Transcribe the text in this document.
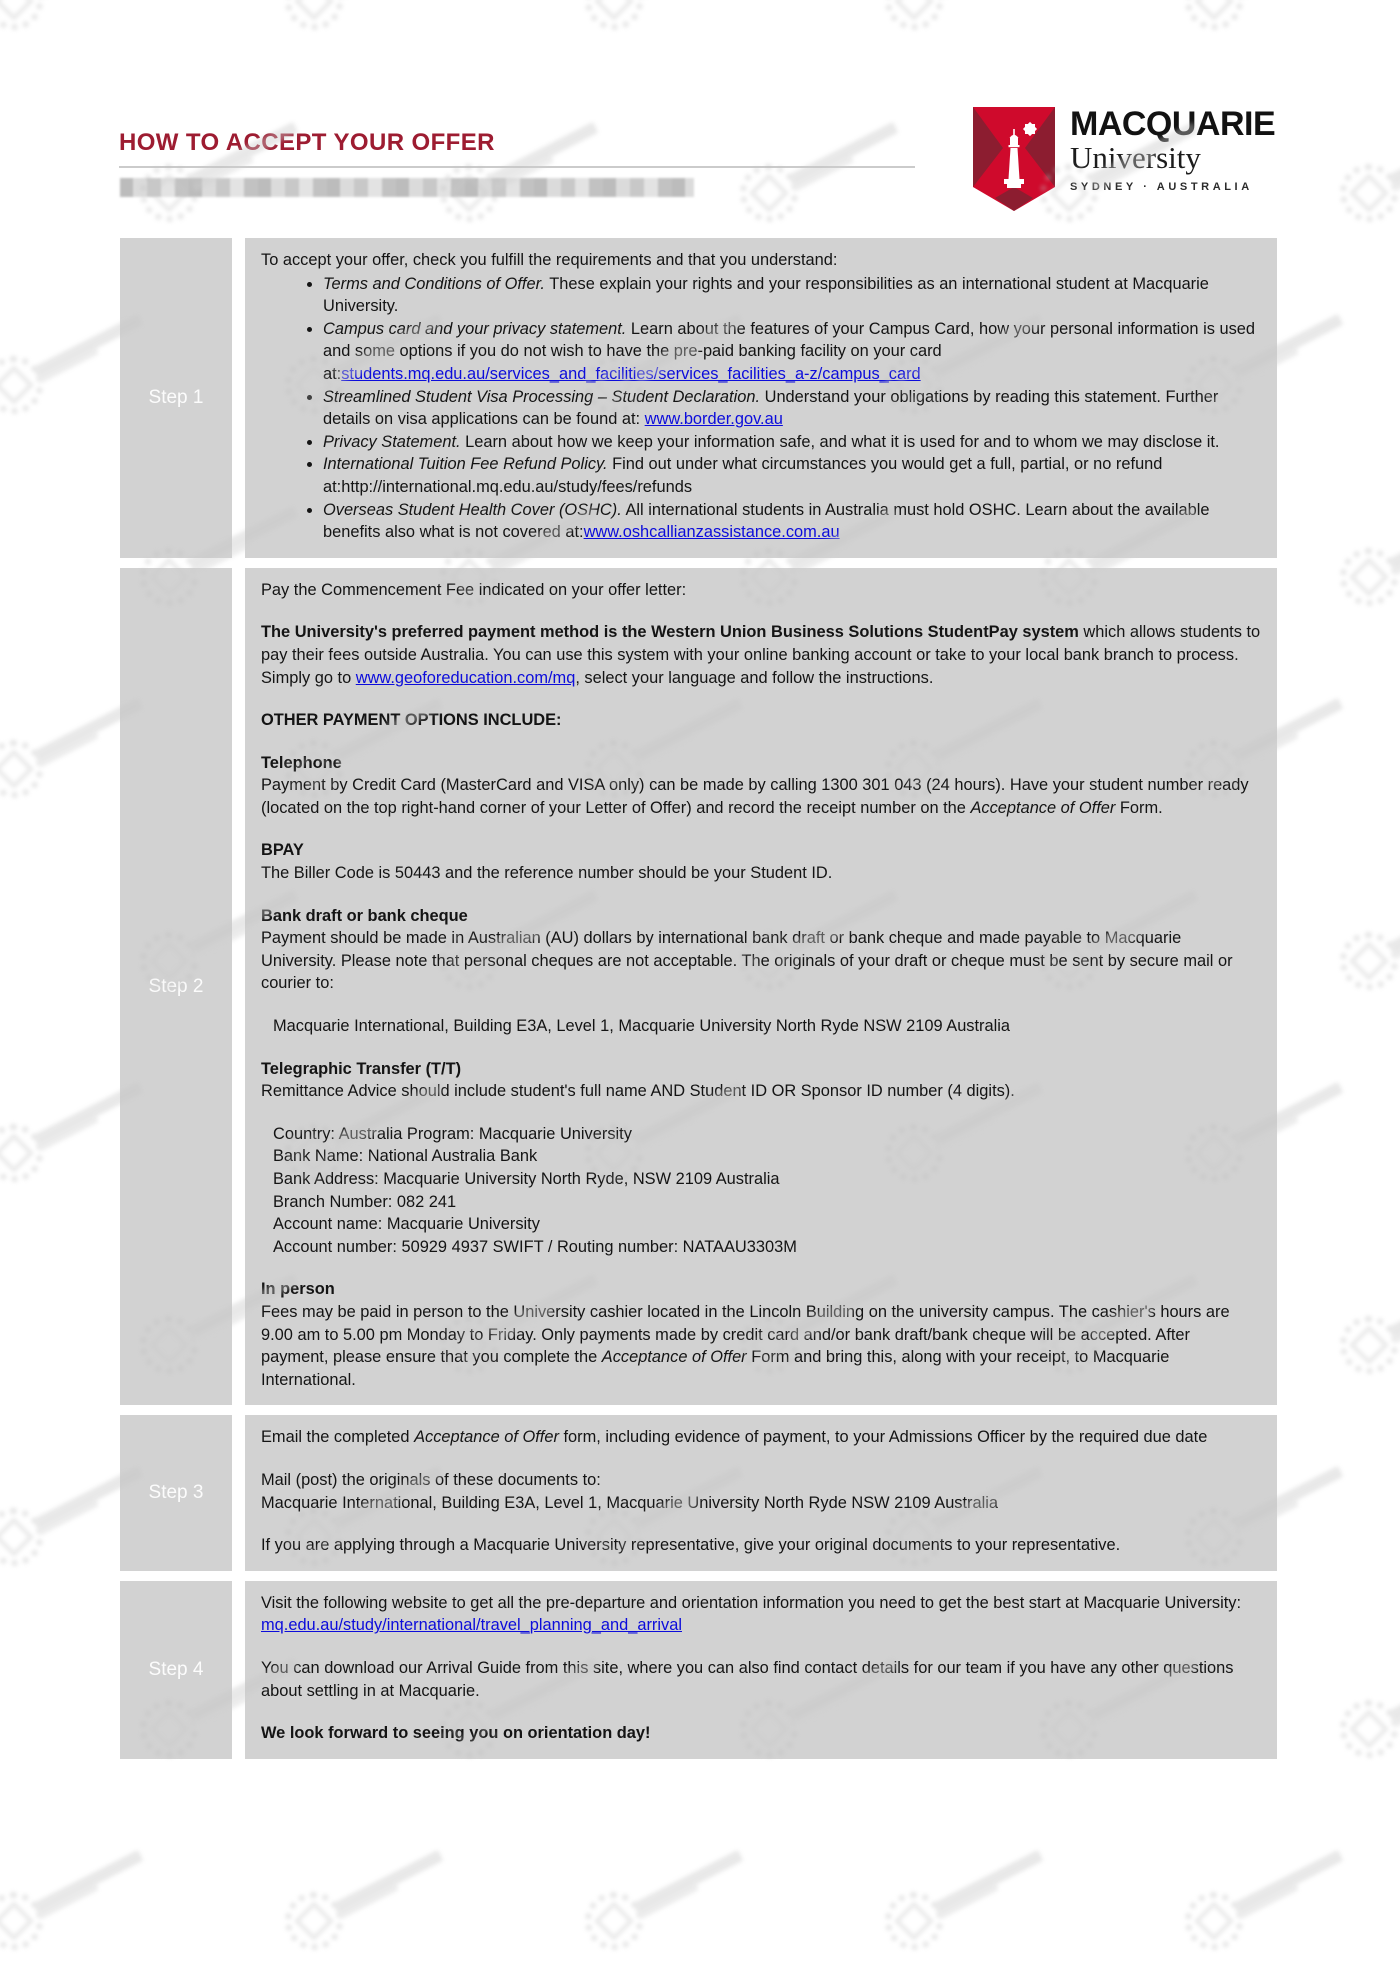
HOW TO ACCEPT YOUR OFFER	MACQUARIE
University
SYDNEY · AUSTRALIA
Step 1
To accept your offer, check you fulfill the requirements and that you understand:
• Terms and Conditions of Offer. These explain your rights and your responsibilities as an international student at Macquarie University.
• Campus card and your privacy statement. Learn about the features of your Campus Card, how your personal information is used and some options if you do not wish to have the pre-paid banking facility on your card at:students.mq.edu.au/services_and_facilities/services_facilities_a-z/campus_card
• Streamlined Student Visa Processing – Student Declaration. Understand your obligations by reading this statement. Further details on visa applications can be found at: www.border.gov.au
• Privacy Statement. Learn about how we keep your information safe, and what it is used for and to whom we may disclose it.
• International Tuition Fee Refund Policy. Find out under what circumstances you would get a full, partial, or no refund at:http://international.mq.edu.au/study/fees/refunds
• Overseas Student Health Cover (OSHC). All international students in Australia must hold OSHC. Learn about the available benefits also what is not covered at:www.oshcallianzassistance.com.au
Step 2
Pay the Commencement Fee indicated on your offer letter:
The University's preferred payment method is the Western Union Business Solutions StudentPay system which allows students to pay their fees outside Australia. You can use this system with your online banking account or take to your local bank branch to process. Simply go to www.geoforeducation.com/mq, select your language and follow the instructions.
OTHER PAYMENT OPTIONS INCLUDE:
Telephone
Payment by Credit Card (MasterCard and VISA only) can be made by calling 1300 301 043 (24 hours). Have your student number ready (located on the top right-hand corner of your Letter of Offer) and record the receipt number on the Acceptance of Offer Form.
BPAY
The Biller Code is 50443 and the reference number should be your Student ID.
Bank draft or bank cheque
Payment should be made in Australian (AU) dollars by international bank draft or bank cheque and made payable to Macquarie University. Please note that personal cheques are not acceptable. The originals of your draft or cheque must be sent by secure mail or courier to:
Macquarie International, Building E3A, Level 1, Macquarie University North Ryde NSW 2109 Australia
Telegraphic Transfer (T/T)
Remittance Advice should include student's full name AND Student ID OR Sponsor ID number (4 digits).
Country: Australia Program: Macquarie University
Bank Name: National Australia Bank
Bank Address: Macquarie University North Ryde, NSW 2109 Australia
Branch Number: 082 241
Account name: Macquarie University
Account number: 50929 4937 SWIFT / Routing number: NATAAU3303M
In person
Fees may be paid in person to the University cashier located in the Lincoln Building on the university campus. The cashier's hours are 9.00 am to 5.00 pm Monday to Friday. Only payments made by credit card and/or bank draft/bank cheque will be accepted. After payment, please ensure that you complete the Acceptance of Offer Form and bring this, along with your receipt, to Macquarie International.
Step 3
Email the completed Acceptance of Offer form, including evidence of payment, to your Admissions Officer by the required due date
Mail (post) the originals of these documents to:
Macquarie International, Building E3A, Level 1, Macquarie University North Ryde NSW 2109 Australia
If you are applying through a Macquarie University representative, give your original documents to your representative.
Step 4
Visit the following website to get all the pre-departure and orientation information you need to get the best start at Macquarie University: mq.edu.au/study/international/travel_planning_and_arrival
You can download our Arrival Guide from this site, where you can also find contact details for our team if you have any other questions about settling in at Macquarie.
We look forward to seeing you on orientation day!
